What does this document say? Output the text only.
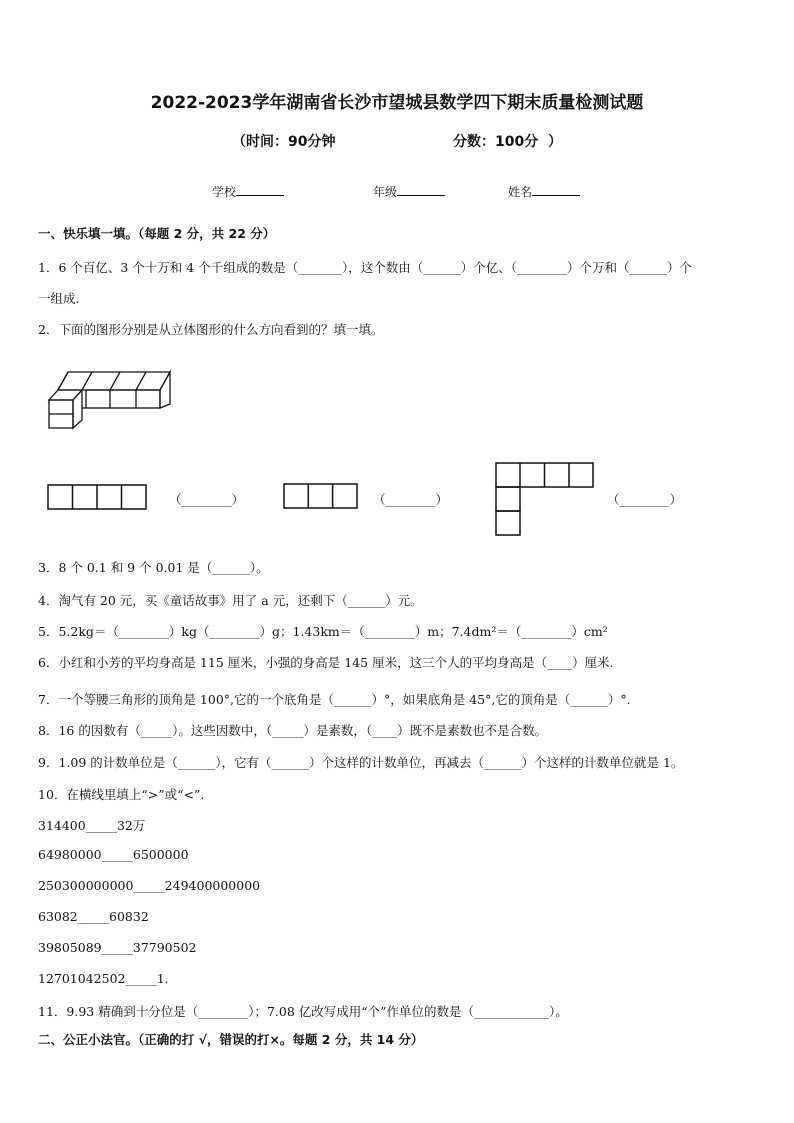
2022-2023学年湖南省长沙市望城县数学四下期末质量检测试题
（时间：90分钟	分数：100分 ）
学校	年级	姓名
一、快乐填一填。（每题 2 分，共 22 分）
1．6 个百亿、3 个十万和 4 个千组成的数是（_______），这个数由（______）个亿、（________）个万和（______）个
一组成.
2．下面的图形分别是从立体图形的什么方向看到的？填一填。
（________）	（________）	（________）
3．8 个 0.1 和 9 个 0.01 是（______）。
4．淘气有 20 元，买《童话故事》用了 a 元，还剩下（______）元。
5．5.2kg＝（________）kg（________）g；1.43km＝（________）m；7.4dm²＝（________）cm²
6．小红和小芳的平均身高是 115 厘米，小强的身高是 145 厘米，这三个人的平均身高是（____）厘米.
7．一个等腰三角形的顶角是 100°,它的一个底角是（______）°，如果底角是 45°,它的顶角是（______）°.
8．16 的因数有（_____）。这些因数中，（_____）是素数，（____）既不是素数也不是合数。
9．1.09 的计数单位是（______），它有（______）个这样的计数单位，再减去（______）个这样的计数单位就是 1。
10．在横线里填上“>”或“<”.
314400_____32万
64980000_____6500000
250300000000_____249400000000
63082_____60832
39805089_____37790502
12701042502_____1.
11．9.93 精确到十分位是（________）；7.08 亿改写成用“个”作单位的数是（____________）。
二、公正小法官。（正确的打 √，错误的打×。每题 2 分，共 14 分）
